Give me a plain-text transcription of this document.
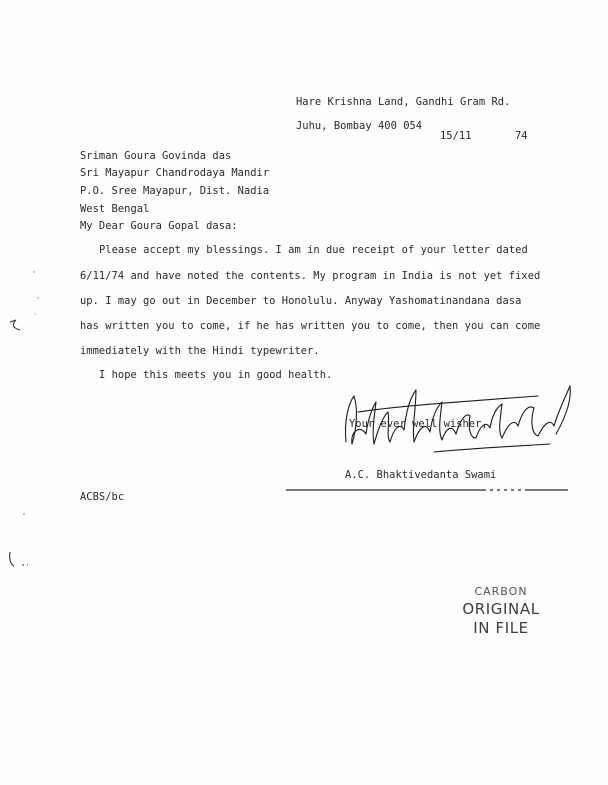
Hare Krishna Land, Gandhi Gram Rd.
Juhu, Bombay 400 054
15/11	74
Sriman Goura Govinda das
Sri Mayapur Chandrodaya Mandir
P.O. Sree Mayapur, Dist. Nadia
West Bengal
My Dear Goura Gopal dasa:
Please accept my blessings. I am in due receipt of your letter dated
6/11/74 and have noted the contents. My program in India is not yet fixed
up. I may go out in December to Honolulu. Anyway Yashomatinandana dasa
has written you to come, if he has written you to come, then you can come
immediately with the Hindi typewriter.
I hope this meets you in good health.
Your ever well wisher,
A.C. Bhaktivedanta Swami
ACBS/bc
CARBON
ORIGINAL
IN FILE
